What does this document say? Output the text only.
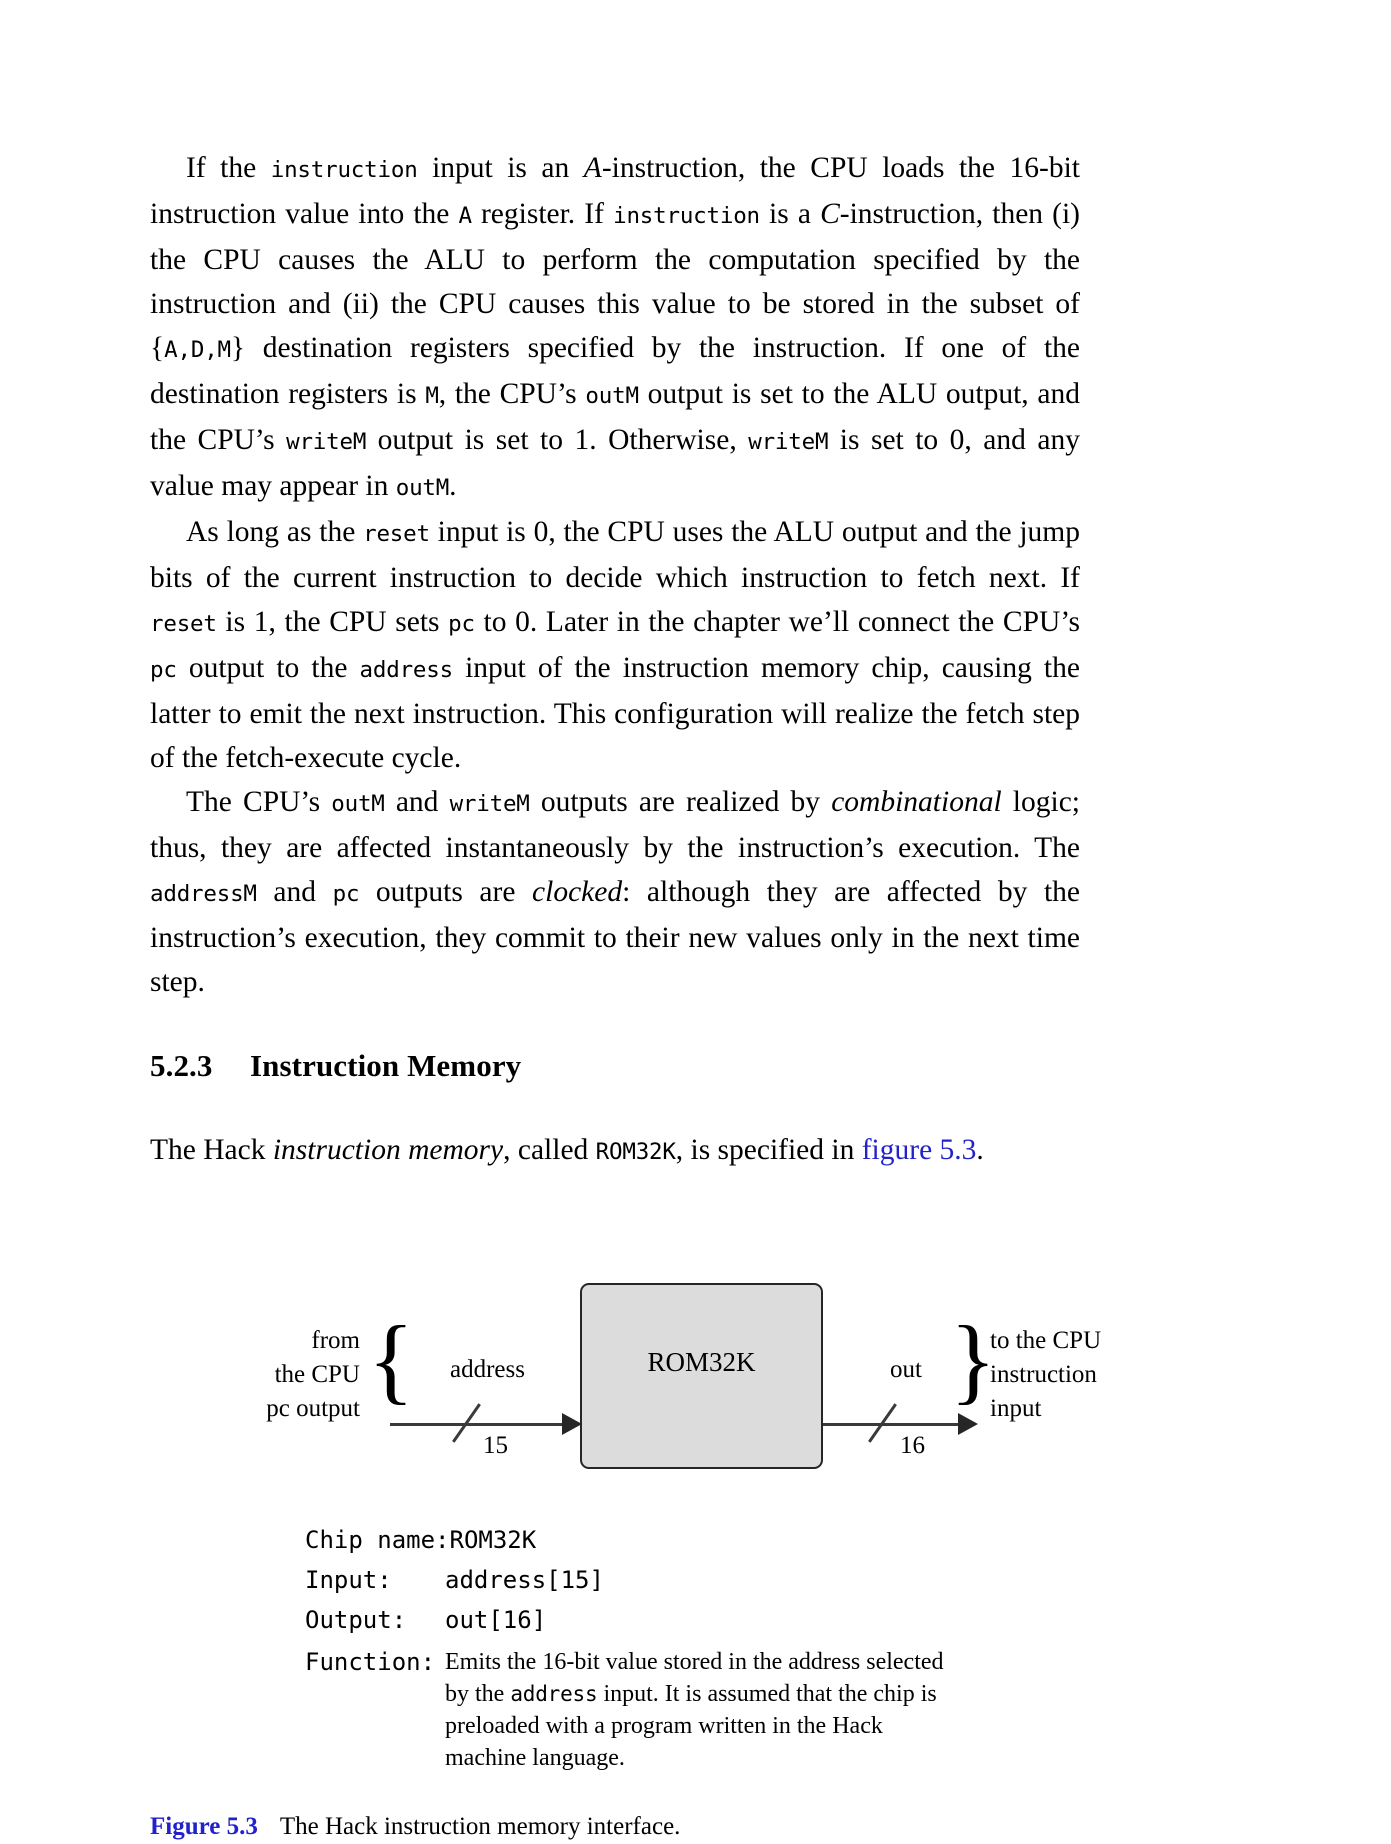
If the instruction input is an A-instruction, the CPU loads the 16-bit instruction value into the A register. If instruction is a C-instruction, then (i) the CPU causes the ALU to perform the computation specified by the instruction and (ii) the CPU causes this value to be stored in the subset of {A,D,M} destination registers specified by the instruction. If one of the destination registers is M, the CPU’s outM output is set to the ALU output, and the CPU’s writeM output is set to 1. Otherwise, writeM is set to 0, and any value may appear in outM.

As long as the reset input is 0, the CPU uses the ALU output and the jump bits of the current instruction to decide which instruction to fetch next. If reset is 1, the CPU sets pc to 0. Later in the chapter we’ll connect the CPU’s pc output to the address input of the instruction memory chip, causing the latter to emit the next instruction. This configuration will realize the fetch step of the fetch-execute cycle.

The CPU’s outM and writeM outputs are realized by combinational logic; thus, they are affected instantaneously by the instruction’s execution. The addressM and pc outputs are clocked: although they are affected by the instruction’s execution, they commit to their new values only in the next time step.

5.2.3 Instruction Memory

The Hack instruction memory, called ROM32K, is specified in figure 5.3.

from
the CPU
pc output { address
15
ROM32K	out
16
}
to the CPU
instruction
input
Chip name: ROM32K
Input:	address[15]
Output:	out[16]
Function: Emits the 16-bit value stored in the address selected by the address input. It is assumed that the chip is preloaded with a program written in the Hack machine language.
Figure 5.3 The Hack instruction memory interface.
